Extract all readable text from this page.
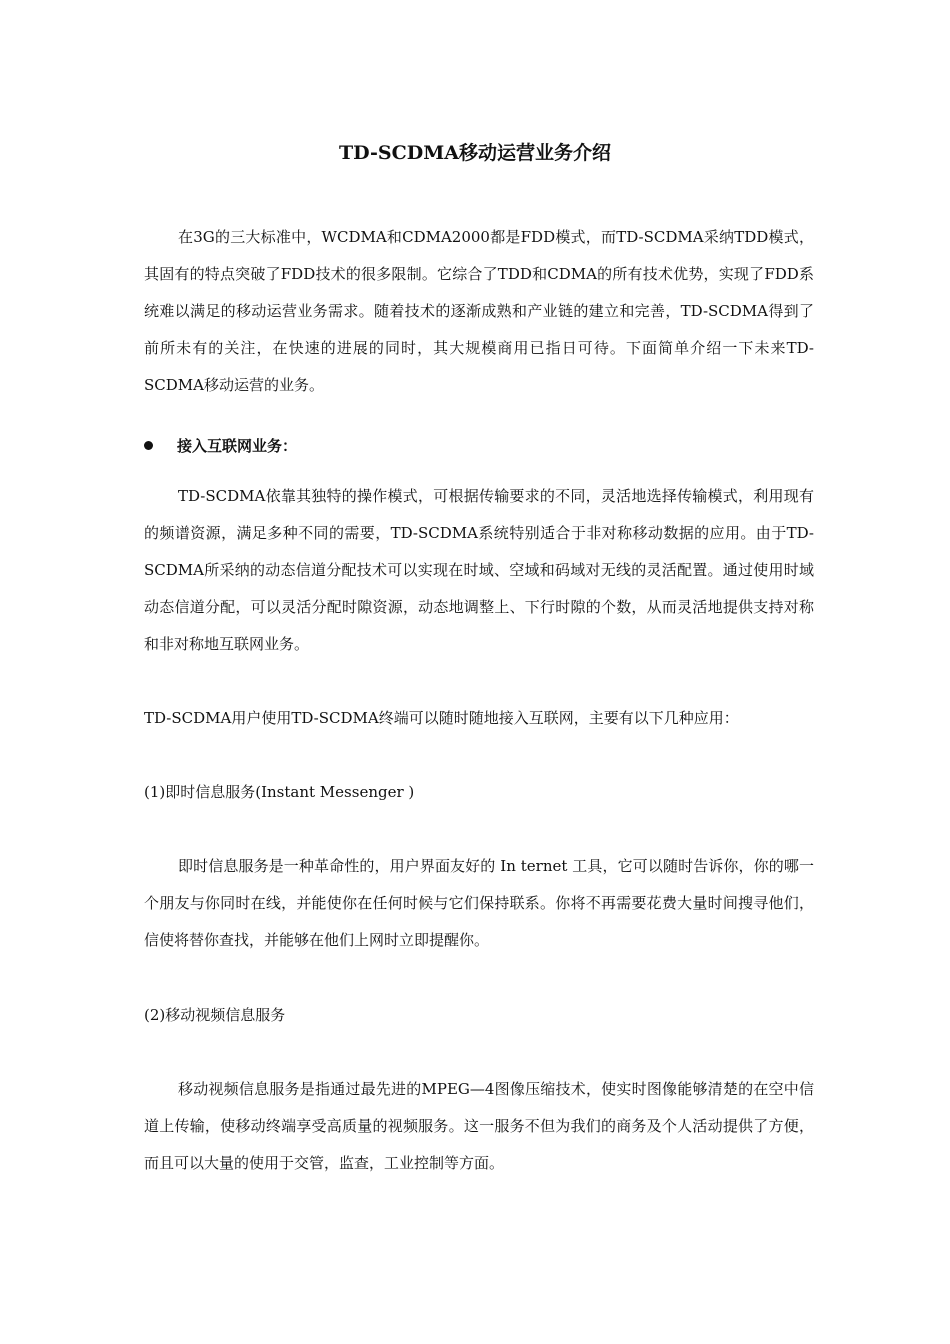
TD-SCDMA移动运营业务介绍
在3G的三大标准中，WCDMA和CDMA2000都是FDD模式，而TD-SCDMA采纳TDD模式，其固有的特点突破了FDD技术的很多限制。它综合了TDD和CDMA的所有技术优势，实现了FDD系统难以满足的移动运营业务需求。随着技术的逐渐成熟和产业链的建立和完善，TD-SCDMA得到了前所未有的关注，在快速的进展的同时，其大规模商用已指日可待。下面简单介绍一下未来TD-SCDMA移动运营的业务。
接入互联网业务：
TD-SCDMA依靠其独特的操作模式，可根据传输要求的不同，灵活地选择传输模式，利用现有的频谱资源，满足多种不同的需要，TD-SCDMA系统特别适合于非对称移动数据的应用。由于TD-SCDMA所采纳的动态信道分配技术可以实现在时域、空域和码域对无线的灵活配置。通过使用时域动态信道分配，可以灵活分配时隙资源，动态地调整上、下行时隙的个数，从而灵活地提供支持对称和非对称地互联网业务。
TD-SCDMA用户使用TD-SCDMA终端可以随时随地接入互联网，主要有以下几种应用：
(1)即时信息服务(Instant Messenger )
即时信息服务是一种革命性的，用户界面友好的 In ternet 工具，它可以随时告诉你，你的哪一个朋友与你同时在线，并能使你在任何时候与它们保持联系。你将不再需要花费大量时间搜寻他们，信使将替你查找，并能够在他们上网时立即提醒你。
(2)移动视频信息服务
移动视频信息服务是指通过最先进的MPEG—4图像压缩技术，使实时图像能够清楚的在空中信道上传输，使移动终端享受高质量的视频服务。这一服务不但为我们的商务及个人活动提供了方便，而且可以大量的使用于交管，监查，工业控制等方面。
